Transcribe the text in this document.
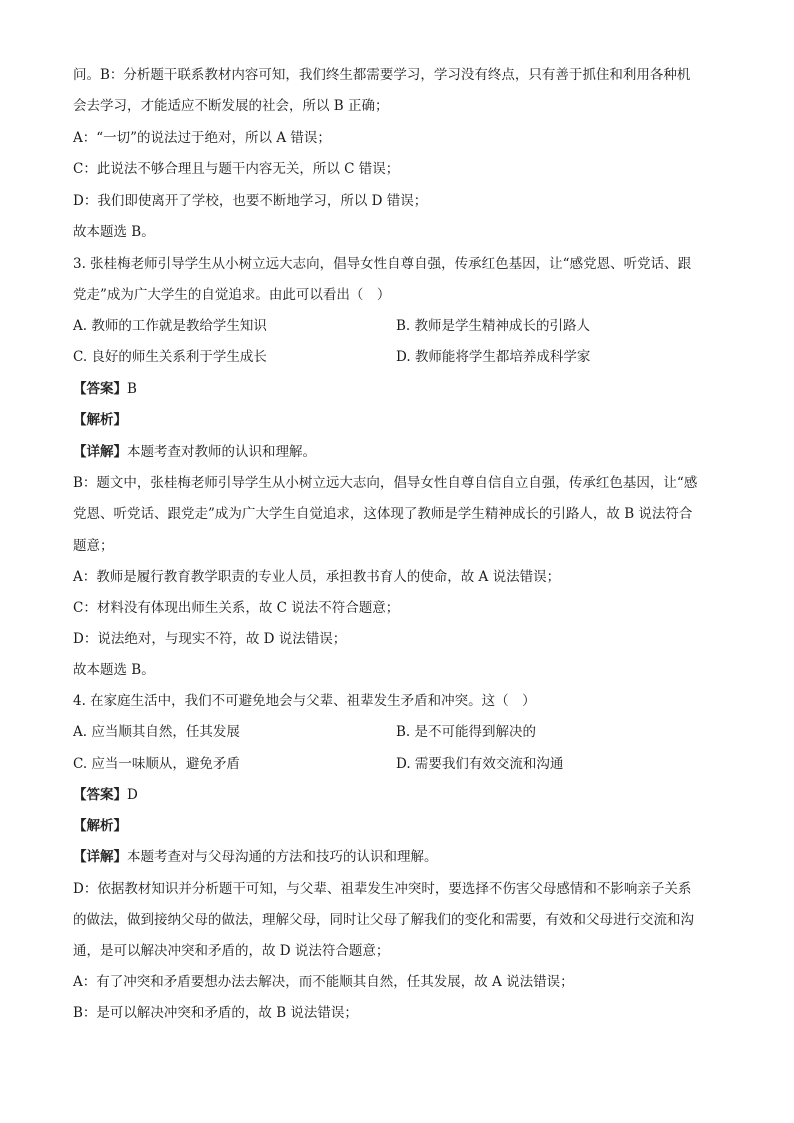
问。B：分析题干联系教材内容可知，我们终生都需要学习，学习没有终点，只有善于抓住和利用各种机
会去学习，才能适应不断发展的社会，所以 B 正确；
A：“一切”的说法过于绝对，所以 A 错误；
C：此说法不够合理且与题干内容无关，所以 C 错误；
D：我们即使离开了学校，也要不断地学习，所以 D 错误；
故本题选 B。
3. 张桂梅老师引导学生从小树立远大志向，倡导女性自尊自强，传承红色基因，让“感党恩、听党话、跟
党走”成为广大学生的自觉追求。由此可以看出（　）
A. 教师的工作就是教给学生知识	B. 教师是学生精神成长的引路人
C. 良好的师生关系利于学生成长	D. 教师能将学生都培养成科学家
【答案】B
【解析】
【详解】本题考查对教师的认识和理解。
B：题文中，张桂梅老师引导学生从小树立远大志向，倡导女性自尊自信自立自强，传承红色基因，让“感
党恩、听党话、跟党走”成为广大学生自觉追求，这体现了教师是学生精神成长的引路人，故 B 说法符合
题意；
A：教师是履行教育教学职责的专业人员，承担教书育人的使命，故 A 说法错误；
C：材料没有体现出师生关系，故 C 说法不符合题意；
D：说法绝对，与现实不符，故 D 说法错误；
故本题选 B。
4. 在家庭生活中，我们不可避免地会与父辈、祖辈发生矛盾和冲突。这（　）
A. 应当顺其自然，任其发展	B. 是不可能得到解决的
C. 应当一味顺从，避免矛盾	D. 需要我们有效交流和沟通
【答案】D
【解析】
【详解】本题考查对与父母沟通的方法和技巧的认识和理解。
D：依据教材知识并分析题干可知，与父辈、祖辈发生冲突时，要选择不伤害父母感情和不影响亲子关系
的做法，做到接纳父母的做法，理解父母，同时让父母了解我们的变化和需要，有效和父母进行交流和沟
通，是可以解决冲突和矛盾的，故 D 说法符合题意；
A：有了冲突和矛盾要想办法去解决，而不能顺其自然，任其发展，故 A 说法错误；
B：是可以解决冲突和矛盾的，故 B 说法错误；
